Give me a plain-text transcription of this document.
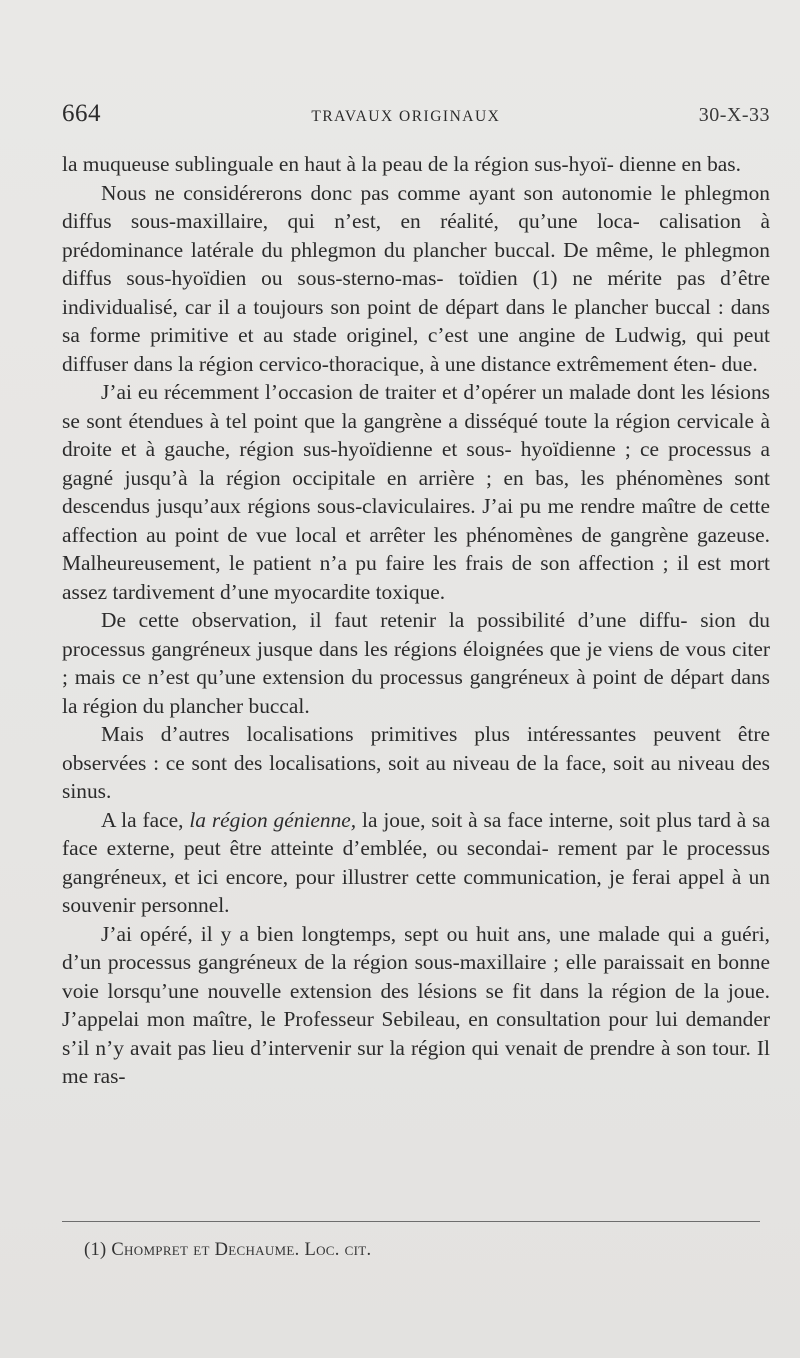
664	TRAVAUX ORIGINAUX	30-X-33

la muqueuse sublinguale en haut à la peau de la région sus-hyoï- dienne en bas.

Nous ne considérerons donc pas comme ayant son autonomie le phlegmon diffus sous-maxillaire, qui n’est, en réalité, qu’une loca- calisation à prédominance latérale du phlegmon du plancher buccal. De même, le phlegmon diffus sous-hyoïdien ou sous-sterno-mas- toïdien (1) ne mérite pas d’être individualisé, car il a toujours son point de départ dans le plancher buccal : dans sa forme primitive et au stade originel, c’est une angine de Ludwig, qui peut diffuser dans la région cervico-thoracique, à une distance extrêmement éten- due.

J’ai eu récemment l’occasion de traiter et d’opérer un malade dont les lésions se sont étendues à tel point que la gangrène a disséqué toute la région cervicale à droite et à gauche, région sus-hyoïdienne et sous- hyoïdienne ; ce processus a gagné jusqu’à la région occipitale en arrière ; en bas, les phénomènes sont descendus jusqu’aux régions sous-claviculaires. J’ai pu me rendre maître de cette affection au point de vue local et arrêter les phénomènes de gangrène gazeuse. Malheureusement, le patient n’a pu faire les frais de son affection ; il est mort assez tardivement d’une myocardite toxique.

De cette observation, il faut retenir la possibilité d’une diffu- sion du processus gangréneux jusque dans les régions éloignées que je viens de vous citer ; mais ce n’est qu’une extension du processus gangréneux à point de départ dans la région du plancher buccal.

Mais d’autres localisations primitives plus intéressantes peuvent être observées : ce sont des localisations, soit au niveau de la face, soit au niveau des sinus.

A la face, la région génienne, la joue, soit à sa face interne, soit plus tard à sa face externe, peut être atteinte d’emblée, ou secondai- rement par le processus gangréneux, et ici encore, pour illustrer cette communication, je ferai appel à un souvenir personnel.

J’ai opéré, il y a bien longtemps, sept ou huit ans, une malade qui a guéri, d’un processus gangréneux de la région sous-maxillaire ; elle paraissait en bonne voie lorsqu’une nouvelle extension des lésions se fit dans la région de la joue. J’appelai mon maître, le Professeur Sebileau, en consultation pour lui demander s’il n’y avait pas lieu d’intervenir sur la région qui venait de prendre à son tour. Il me ras-

(1) Chompret et Dechaume. Loc. cit.
